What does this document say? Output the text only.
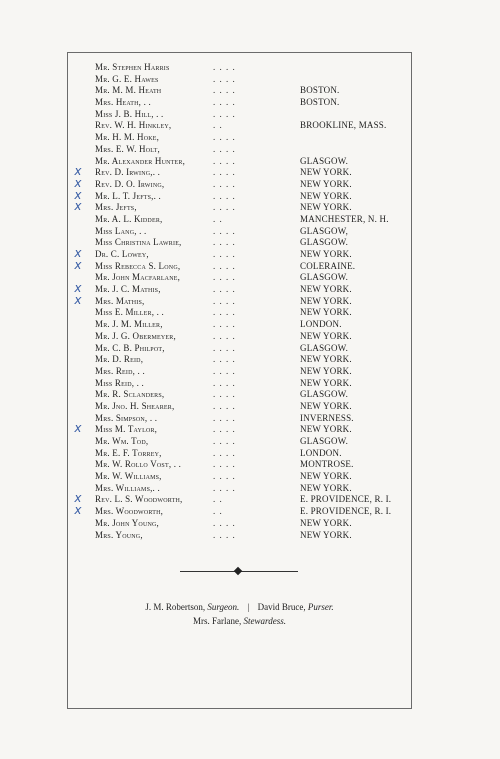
Mr. Stephen Harris	. . . .
Mr. G. E. Hawes	. . . .
Mr. M. M. Heath	. . . .	BOSTON.
Mrs. Heath, . .	. . . .	BOSTON.
Miss J. B. Hill, . .	. . . .
Rev. W. H. Hinkley,	. .	BROOKLINE, MASS.
Mr. H. M. Hoke,	. . . .
Mrs. E. W. Holt,	. . . .
Mr. Alexander Hunter,	. . . .	GLASGOW.
x	Rev. D. Irwing,. .	. . . .	NEW YORK.
x	Rev. D. O. Irwing,	. . . .	NEW YORK.
x	Mr. L. T. Jefts,. .	. . . .	NEW YORK.
x	Mrs. Jefts,	. . . .	NEW YORK.
Mr. A. L. Kidder,	. .	MANCHESTER, N. H.
Miss Lang, . .	. . . .	GLASGOW,
Miss Christina Lawrie,	. . . .	GLASGOW.
x	Dr. C. Lowey,	. . . .	NEW YORK.
x	Miss Rebecca S. Long,	. . . .	COLERAINE.
Mr. John Macfarlane,	. . . .	GLASGOW.
x	Mr. J. C. Mathis,	. . . .	NEW YORK.
x	Mrs. Mathis,	. . . .	NEW YORK.
Miss E. Miller, . .	. . . .	NEW YORK.
Mr. J. M. Miller,	. . . .	LONDON.
Mr. J. G. Obermeyer,	. . . .	NEW YORK.
Mr. C. B. Philpot,	. . . .	GLASGOW.
Mr. D. Reid,	. . . .	NEW YORK.
Mrs. Reid, . .	. . . .	NEW YORK.
Miss Reid, . .	. . . .	NEW YORK.
Mr. R. Sclanders,	. . . .	GLASGOW.
Mr. Jno. H. Shearer,	. . . .	NEW YORK.
Mrs. Simpson, . .	. . . .	INVERNESS.
x	Miss M. Taylor,	. . . .	NEW YORK.
Mr. Wm. Tod,	. . . .	GLASGOW.
Mr. E. F. Torrey,	. . . .	LONDON.
Mr. W. Rollo Vost, . .	. . . .	MONTROSE.
Mr. W. Williams,	. . . .	NEW YORK.
Mrs. Williams,. .	. . . .	NEW YORK.
x	Rev. L. S. Woodworth,	. .	E. PROVIDENCE, R. I.
x	Mrs. Woodworth,	. .	E. PROVIDENCE, R. I.
Mr. John Young,	. . . .	NEW YORK.
Mrs. Young,	. . . .	NEW YORK.
J. M. Robertson, Surgeon. | David Bruce, Purser.
Mrs. Farlane, Stewardess.
